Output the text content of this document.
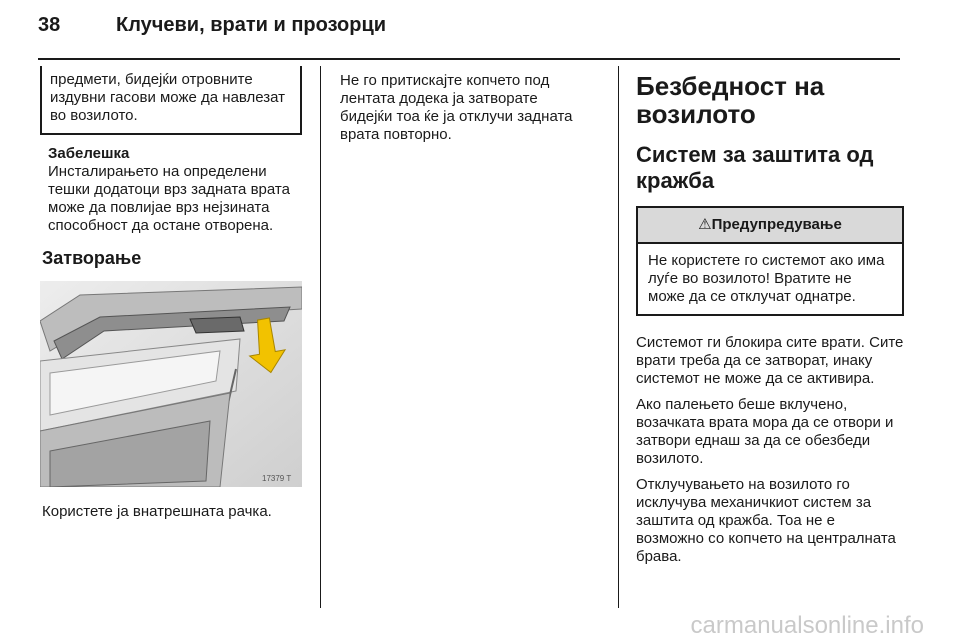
38	Клучеви, врати и прозорци
предмети, бидејќи отровните издувни гасови може да навлезат во возилото.
Забелешка
Инсталирањето на определени тешки додатоци врз задната врата може да повлијае врз нејзината способност да остане отворена.
Затворање
17379 T
Користете ја внатрешната рачка.
Не го притискајте копчето под лентата додека ја затворате бидејќи тоа ќе ја отклучи задната врата повторно.
Безбедност на возилото
Систем за заштита од кражба
⚠Предупредување
Не користете го системот ако има луѓе во возилото! Вратите не може да се отклучат однатре.

Системот ги блокира сите врати. Сите врати треба да се затворат, инаку системот не може да се активира.

Ако палењето беше вклучено, возачката врата мора да се отвори и затвори еднаш за да се обезбеди возилото.

Отклучувањето на возилото го исклучува механичкиот систем за заштита од кражба. Тоа не е возможно со копчето на централната брава.

carmanualsonline.info
